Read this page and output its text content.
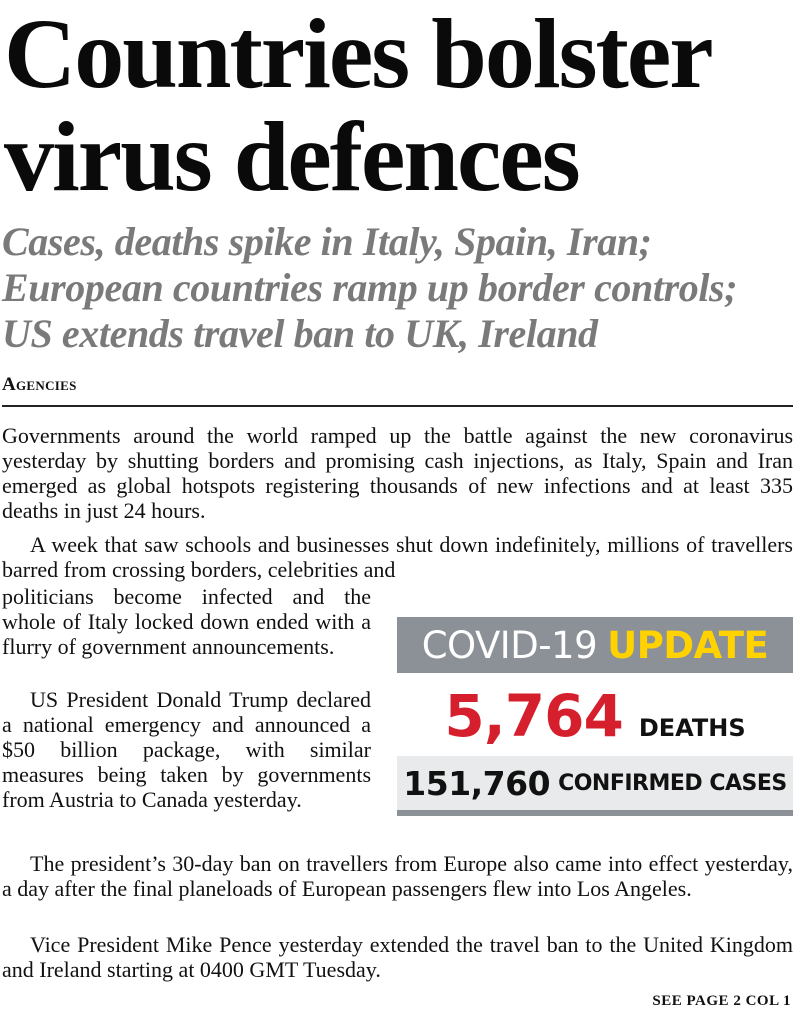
Countries bolster virus defences
Cases, deaths spike in Italy, Spain, Iran; European countries ramp up border controls; US extends travel ban to UK, Ireland
Agencies

Governments around the world ramped up the battle against the new coronavirus yesterday by shutting borders and promising cash injections, as Italy, Spain and Iran emerged as global hotspots registering thousands of new infections and at least 335 deaths in just 24 hours.

A week that saw schools and businesses shut down indefinitely, millions of travellers barred from crossing borders, celebrities and

politicians become infected and the whole of Italy locked down ended with a flurry of government announcements.

US President Donald Trump declared a national emergency and announced a $50 billion package, with similar measures being taken by governments from Austria to Canada yesterday.

The president’s 30-day ban on travellers from Europe also came into effect yesterday, a day after the final planeloads of European passengers flew into Los Angeles.

Vice President Mike Pence yesterday extended the travel ban to the United Kingdom and Ireland starting at 0400 GMT Tuesday.

COVID-19 UPDATE
5,764 DEATHS
151,760 CONFIRMED CASES
SEE PAGE 2 COL 1
